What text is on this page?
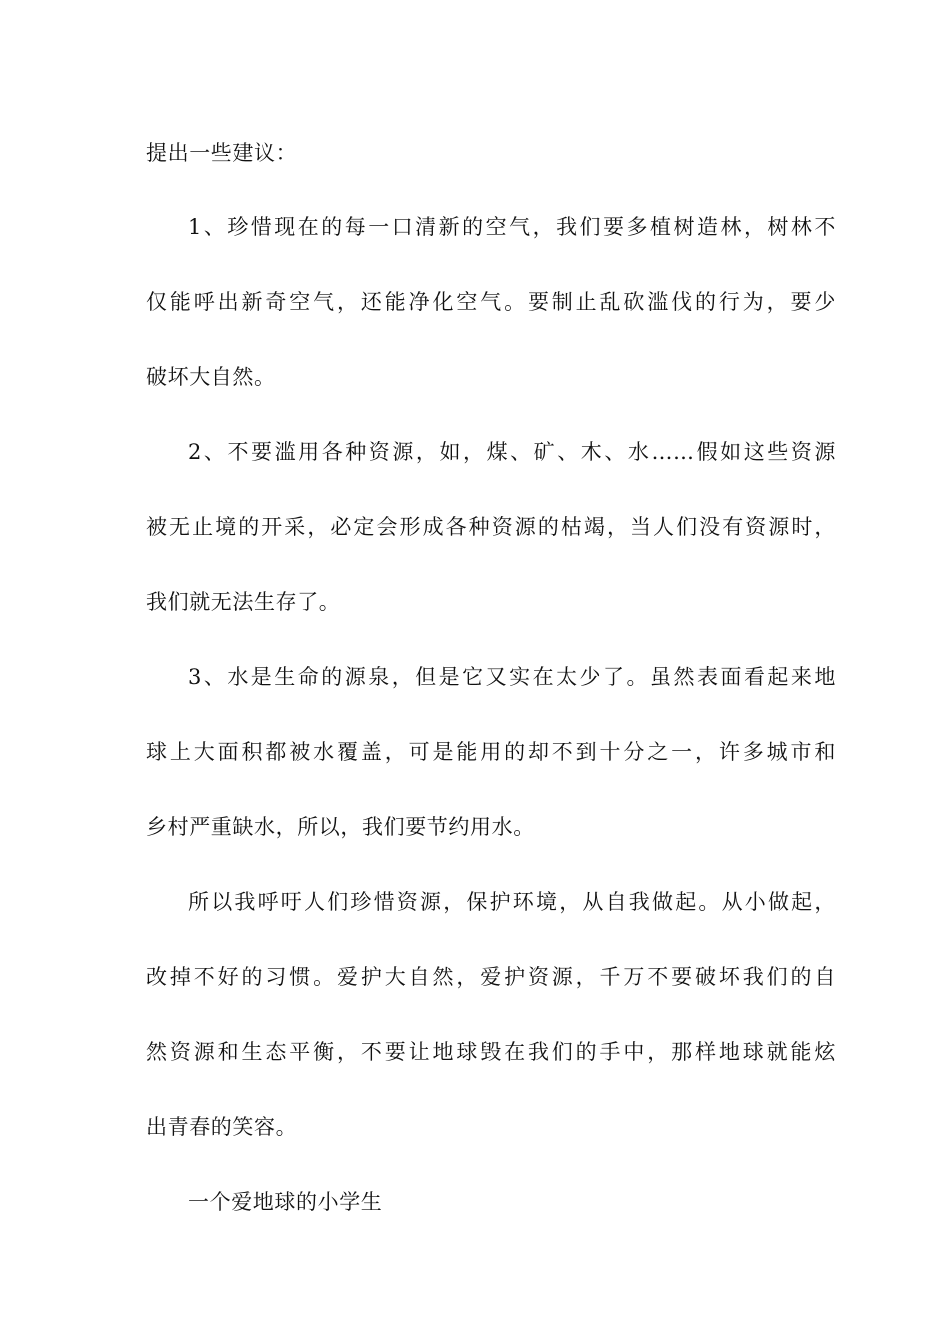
提出一些建议：

1、珍惜现在的每一口清新的空气，我们要多植树造林，树林不

仅能呼出新奇空气，还能净化空气。要制止乱砍滥伐的行为，要少

破坏大自然。

2、不要滥用各种资源，如，煤、矿、木、水……假如这些资源

被无止境的开采，必定会形成各种资源的枯竭，当人们没有资源时，

我们就无法生存了。

3、水是生命的源泉，但是它又实在太少了。虽然表面看起来地

球上大面积都被水覆盖，可是能用的却不到十分之一，许多城市和

乡村严重缺水，所以，我们要节约用水。

所以我呼吁人们珍惜资源，保护环境，从自我做起。从小做起，

改掉不好的习惯。爱护大自然，爱护资源，千万不要破坏我们的自

然资源和生态平衡，不要让地球毁在我们的手中，那样地球就能炫

出青春的笑容。

一个爱地球的小学生
